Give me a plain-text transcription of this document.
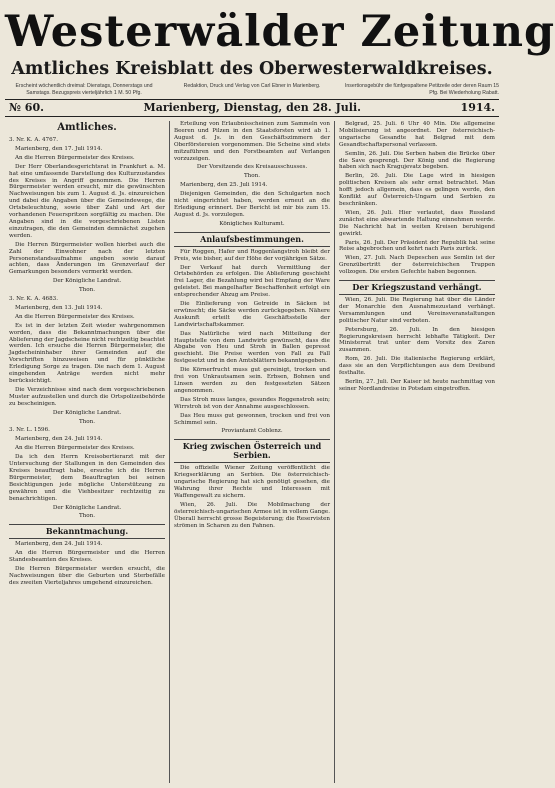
Westerwälder Zeitung
Amtliches Kreisblatt des Oberwesterwaldkreises.
Erscheint wöchentlich dreimal: Dienstags, Donnerstags und Samstags. Bezugspreis vierteljährlich 1 M. 50 Pfg.
Redaktion, Druck und Verlag von Carl Ebner in Marienberg.	Insertionsgebühr die fünfgespaltene Petitzeile oder deren Raum 15 Pfg. Bei Wiederholung Rabatt.
№ 60.	Marienberg, Dienstag, den 28. Juli.	1914.
Amtliches.

3. Nr. K. A. 4767.

Marienberg, den 17. Juli 1914.

An die Herren Bürgermeister des Kreises.

Der Herr Oberlandesgerichtsrat in Frankfurt a. M. hat eine umfassende Darstellung des Kulturzustandes des Kreises in Angriff genommen. Die Herren Bürgermeister werden ersucht, mir die gewünschten Nachweisungen bis zum 1. August d. Js. einzureichen und dabei die Angaben über die Gemeindewege, die Ortsbeleuchtung, sowie über Zahl und Art der vorhandenen Feuerspritzen sorgfältig zu machen. Die Angaben sind in die vorgeschriebenen Listen einzutragen, die den Gemeinden demnächst zugehen werden.

Die Herren Bürgermeister wollen hierbei auch die Zahl der Einwohner nach der letzten Personenstandsaufnahme angeben sowie darauf achten, dass Änderungen im Grenzverlauf der Gemarkungen besonders vermerkt werden.

Der Königliche Landrat.

Thon.

3. Nr. K. A. 4683.

Marienberg, den 13. Juli 1914.

An die Herren Bürgermeister des Kreises.

Es ist in der letzten Zeit wieder wahrgenommen worden, dass die Bekanntmachungen über die Ablieferung der Jagdscheine nicht rechtzeitig beachtet werden. Ich ersuche die Herren Bürgermeister, die Jagdscheininhaber ihrer Gemeinden auf die Vorschriften hinzuweisen und für pünktliche Erledigung Sorge zu tragen. Die nach dem 1. August eingehenden Anträge werden nicht mehr berücksichtigt.

Die Verzeichnisse sind nach dem vorgeschriebenen Muster aufzustellen und durch die Ortspolizeibehörde zu bescheinigen.

Der Königliche Landrat.

Thon.

3. Nr. L. 1596.

Marienberg, den 24. Juli 1914.

An die Herren Bürgermeister des Kreises.

Da ich den Herrn Kreisobertierarzt mit der Untersuchung der Stallungen in den Gemeinden des Kreises beauftragt habe, ersuche ich die Herren Bürgermeister, dem Beauftragten bei seinen Besichtigungen jede mögliche Unterstützung zu gewähren und die Viehbesitzer rechtzeitig zu benachrichtigen.

Der Königliche Landrat.

Thon.

Bekanntmachung.

Marienberg, den 24. Juli 1914.

An die Herren Bürgermeister und die Herren Standesbeamten des Kreises.

Die Herren Bürgermeister werden ersucht, die Nachweisungen über die Geburten und Sterbefälle des zweiten Vierteljahres umgehend einzureichen.

Erteilung von Erlaubnisscheinen zum Sammeln von Beeren und Pilzen in den Staatsforsten wird ab 1. August d. Js. in den Geschäftszimmern der Oberförstereien vorgenommen. Die Scheine sind stets mitzuführen und den Forstbeamten auf Verlangen vorzuzeigen.

Der Vorsitzende des Kreisausschusses.

Thon.

Marienberg, den 25. Juli 1914.

Diejenigen Gemeinden, die den Schulgarten noch nicht eingerichtet haben, werden erneut an die Erledigung erinnert. Der Bericht ist mir bis zum 15. August d. Js. vorzulegen.

Königliches Kulturamt.

Anlaufsbestimmungen.

Für Roggen, Hafer und Roggenlangstroh bleibt der Preis, wie bisher, auf der Höhe der vorjährigen Sätze.

Der Verkauf hat durch Vermittlung der Ortsbehörden zu erfolgen. Die Ablieferung geschieht frei Lager, die Bezahlung wird bei Empfang der Ware geleistet. Bei mangelhafter Beschaffenheit erfolgt ein entsprechender Abzug am Preise.

Die Einlieferung von Getreide in Säcken ist erwünscht; die Säcke werden zurückgegeben. Nähere Auskunft erteilt die Geschäftsstelle der Landwirtschaftskammer.

Das Natürliche wird nach Mitteilung der Hauptstelle von dem Landwirte gewünscht, dass die Abgabe von Heu und Stroh in Ballen gepresst geschieht. Die Preise werden von Fall zu Fall festgesetzt und in den Amtsblättern bekanntgegeben.

Die Körnerfrucht muss gut gereinigt, trocken und frei von Unkrautsamen sein. Erbsen, Bohnen und Linsen werden zu den festgesetzten Sätzen angenommen.

Das Stroh muss langes, gesundes Roggenstroh sein; Wirrstroh ist von der Annahme ausgeschlossen.

Das Heu muss gut gewonnen, trocken und frei von Schimmel sein.

Proviantamt Coblenz.

Krieg zwischen Österreich und Serbien.

Die offizielle Wiener Zeitung veröffentlicht die Kriegserklärung an Serbien. Die österreichisch-ungarische Regierung hat sich genötigt gesehen, die Wahrung ihrer Rechte und Interessen mit Waffengewalt zu sichern.

Wien, 26. Juli. Die Mobilmachung der österreichisch-ungarischen Armee ist in vollem Gange. Überall herrscht grosse Begeisterung; die Reservisten strömen in Scharen zu den Fahnen.

Belgrad, 25. Juli. 6 Uhr 40 Min. Die allgemeine Mobilisierung ist angeordnet. Der österreichisch-ungarische Gesandte hat Belgrad mit dem Gesandtschaftspersonal verlassen.

Semlin, 26. Juli. Die Serben haben die Brücke über die Save gesprengt. Der König und die Regierung haben sich nach Kragujevatz begeben.

Berlin, 26. Juli. Die Lage wird in hiesigen politischen Kreisen als sehr ernst betrachtet. Man hofft jedoch allgemein, dass es gelingen werde, den Konflikt auf Österreich-Ungarn und Serbien zu beschränken.

Wien, 26. Juli. Hier verlautet, dass Russland zunächst eine abwartende Haltung einnehmen werde. Die Nachricht hat in weiten Kreisen beruhigend gewirkt.

Paris, 26. Juli. Der Präsident der Republik hat seine Reise abgebrochen und kehrt nach Paris zurück.

Wien, 27. Juli. Nach Depeschen aus Semlin ist der Grenzübertritt der österreichischen Truppen vollzogen. Die ersten Gefechte haben begonnen.

Der Kriegszustand verhängt.

Wien, 26. Juli. Die Regierung hat über die Länder der Monarchie den Ausnahmezustand verhängt. Versammlungen und Vereinsveranstaltungen politischer Natur sind verboten.

Petersburg, 26. Juli. In den hiesigen Regierungskreisen herrscht lebhafte Tätigkeit. Der Ministerrat trat unter dem Vorsitz des Zaren zusammen.

Rom, 26. Juli. Die italienische Regierung erklärt, dass sie an den Verpflichtungen aus dem Dreibund festhalte.

Berlin, 27. Juli. Der Kaiser ist heute nachmittag von seiner Nordlandreise in Potsdam eingetroffen.
